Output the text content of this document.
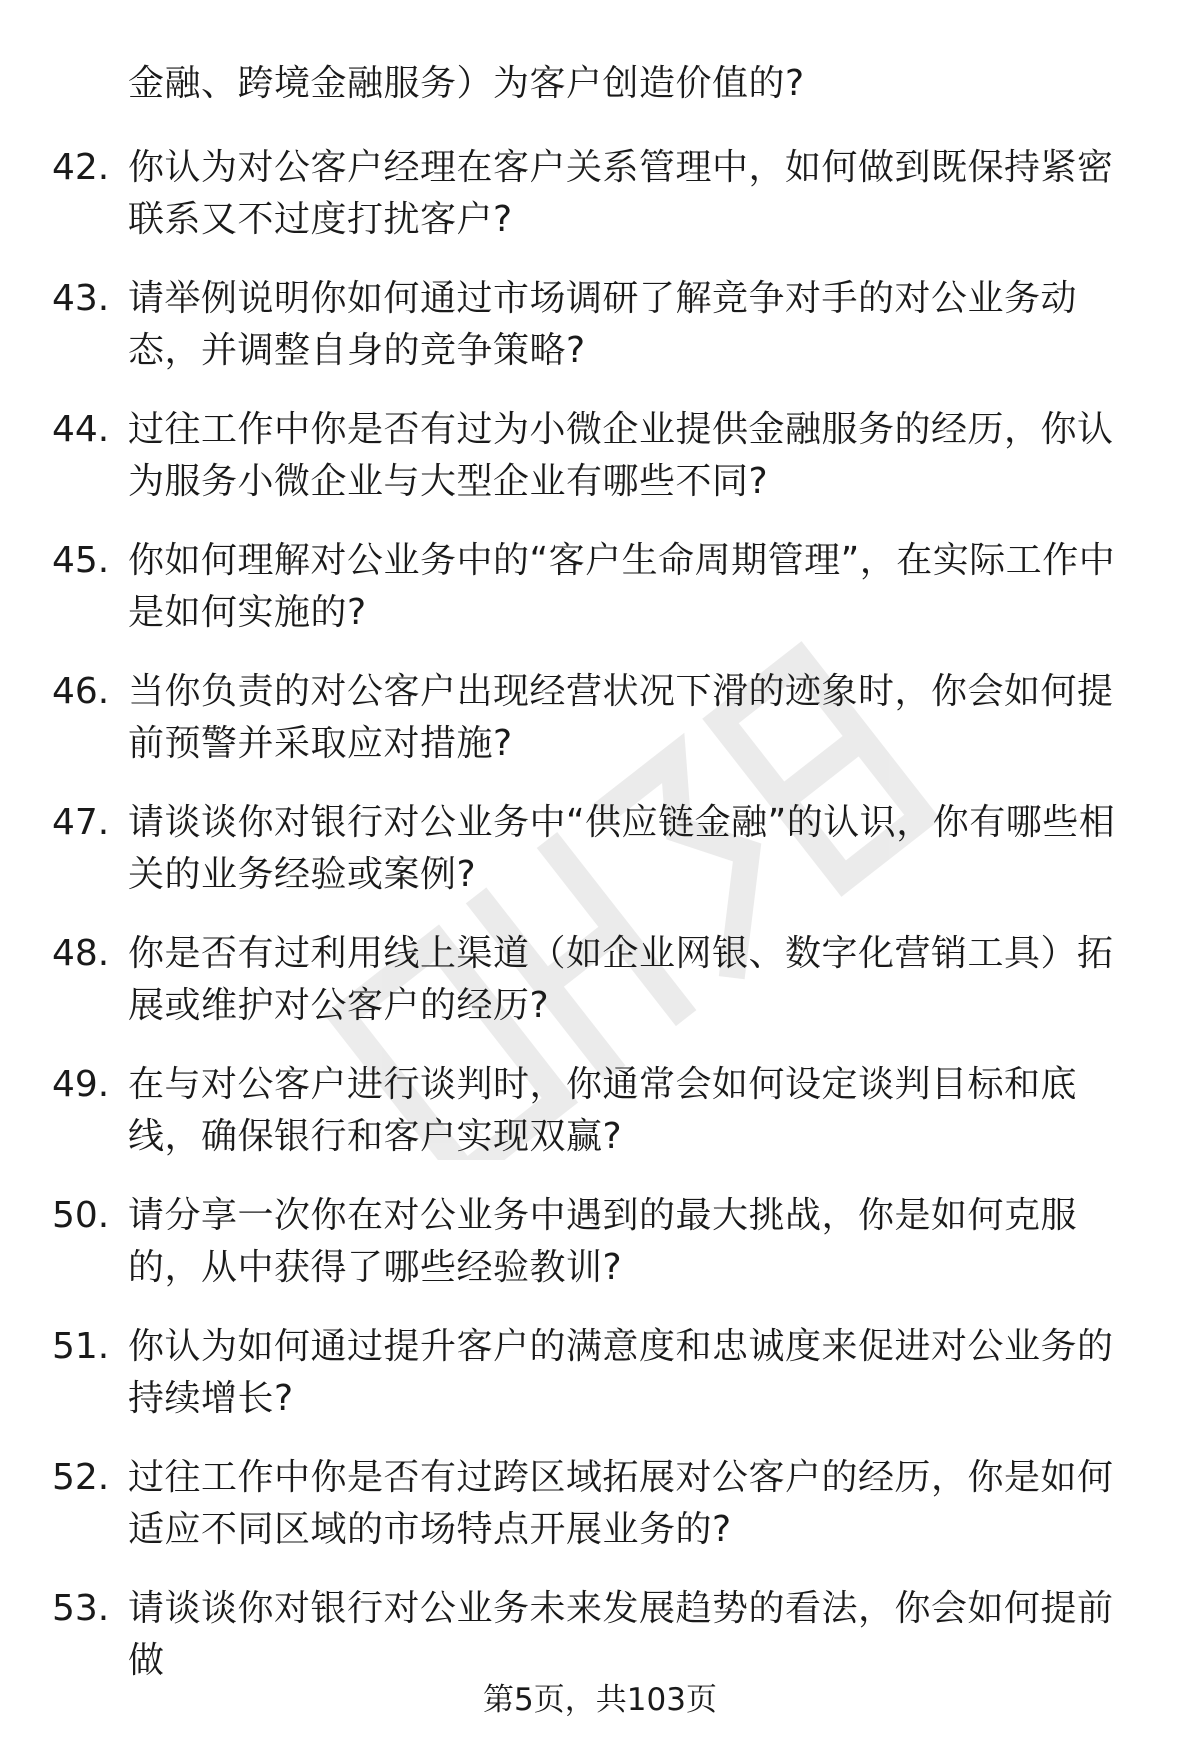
金融、跨境金融服务）为客户创造价值的?
42. 你认为对公客户经理在客户关系管理中，如何做到既保持紧密联系又不过度打扰客户?
43. 请举例说明你如何通过市场调研了解竞争对手的对公业务动态，并调整自身的竞争策略?
44. 过往工作中你是否有过为小微企业提供金融服务的经历，你认为服务小微企业与大型企业有哪些不同?
45. 你如何理解对公业务中的“客户生命周期管理”，在实际工作中是如何实施的?
46. 当你负责的对公客户出现经营状况下滑的迹象时，你会如何提前预警并采取应对措施?
47. 请谈谈你对银行对公业务中“供应链金融”的认识，你有哪些相关的业务经验或案例?
48. 你是否有过利用线上渠道（如企业网银、数字化营销工具）拓展或维护对公客户的经历?
49. 在与对公客户进行谈判时，你通常会如何设定谈判目标和底线，确保银行和客户实现双赢?
50. 请分享一次你在对公业务中遇到的最大挑战，你是如何克服的，从中获得了哪些经验教训?
51. 你认为如何通过提升客户的满意度和忠诚度来促进对公业务的持续增长?
52. 过往工作中你是否有过跨区域拓展对公客户的经历，你是如何适应不同区域的市场特点开展业务的?
53. 请谈谈你对银行对公业务未来发展趋势的看法，你会如何提前做
第5页，共103页
